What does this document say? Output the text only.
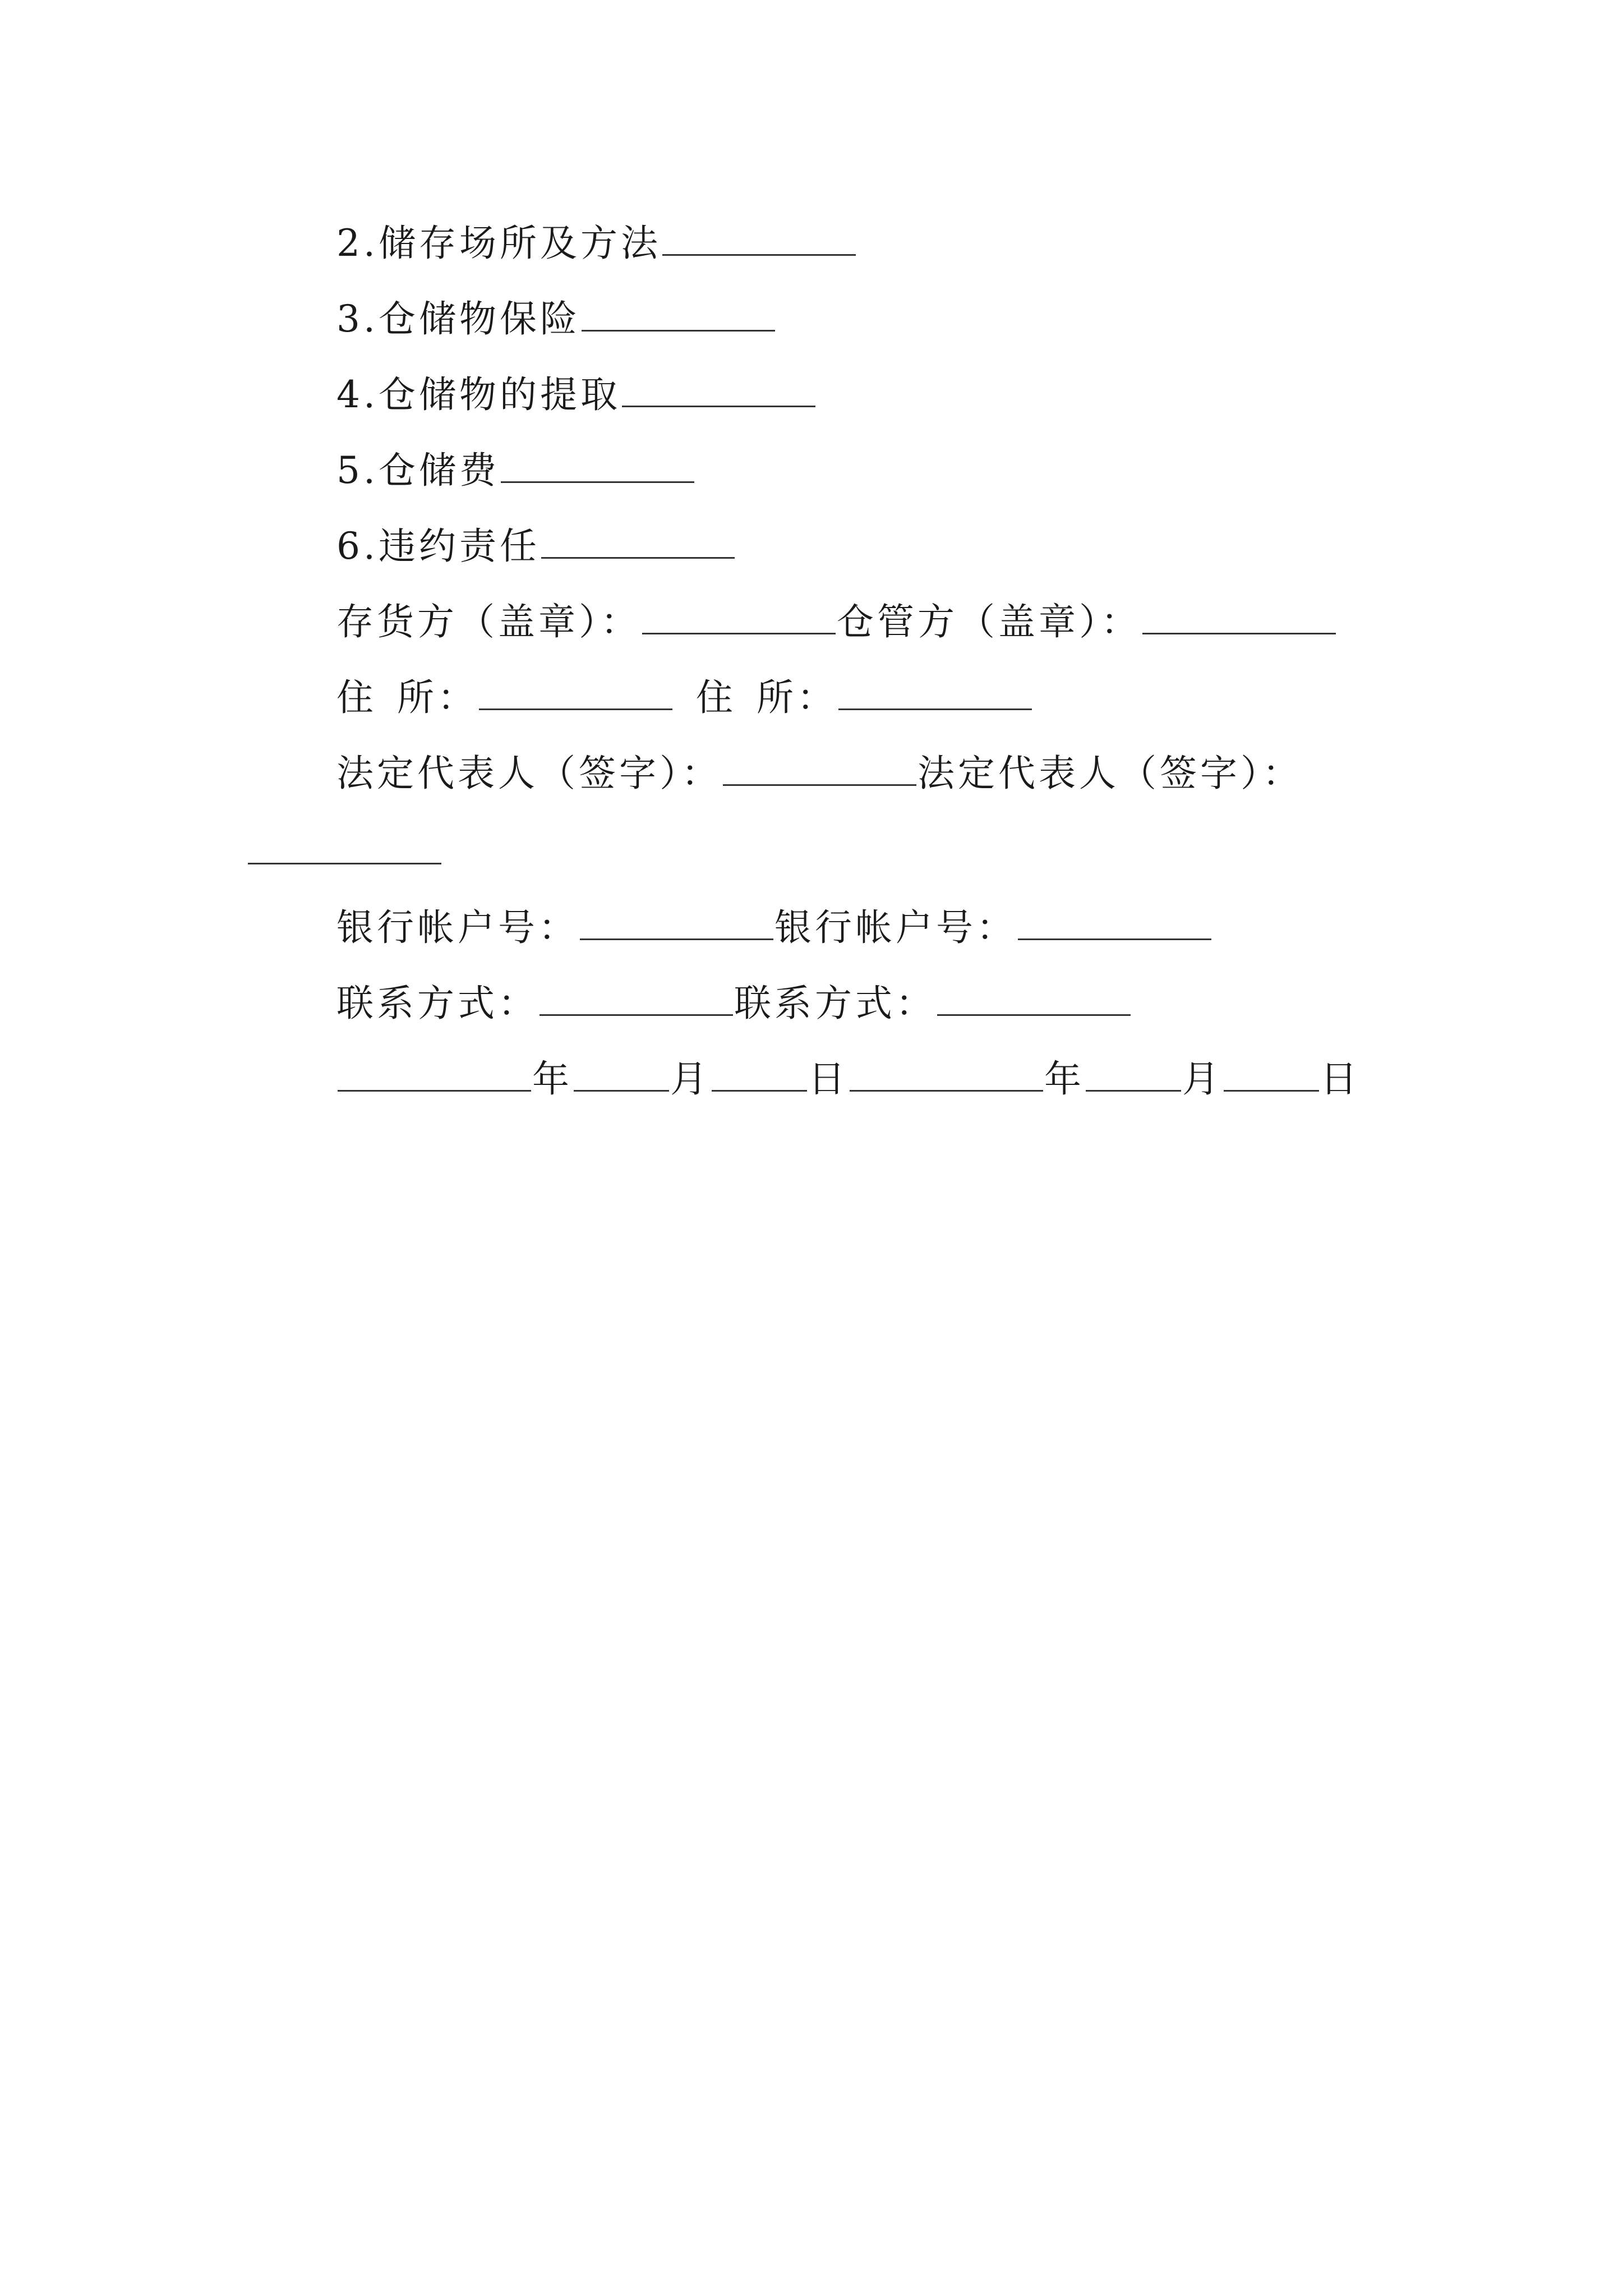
2.储存场所及方法
3.仓储物保险
4.仓储物的提取
5.仓储费
6.违约责任
存货方（盖章）：	仓管方（盖章）：
住 所：	住 所：
法定代表人（签字）：	法定代表人（签字）：
银行帐户号：	银行帐户号：
联系方式：	联系方式：
年	月	日	年	月	日
